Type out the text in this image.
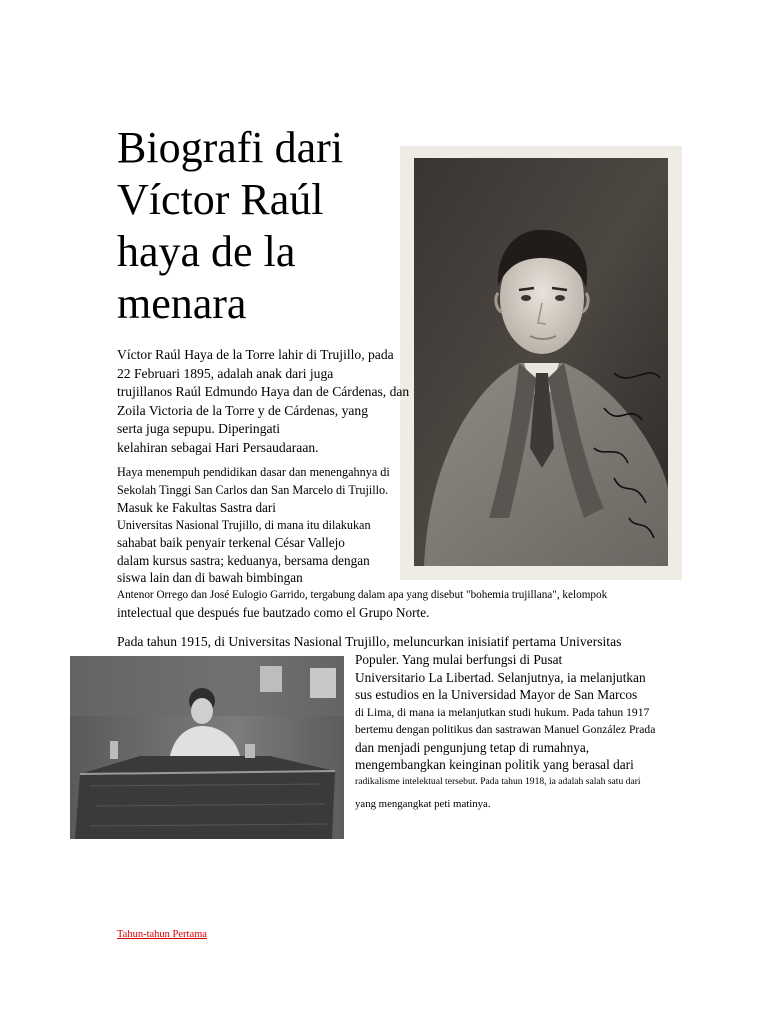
Biografi dari
Víctor Raúl
haya de la
menara
Víctor Raúl Haya de la Torre lahir di Trujillo, pada
22 Februari 1895, adalah anak dari juga
trujillanos Raúl Edmundo Haya dan de Cárdenas, dan
Zoila Victoria de la Torre y de Cárdenas, yang
serta juga sepupu. Diperingati
kelahiran sebagai Hari Persaudaraan.
Haya menempuh pendidikan dasar dan menengahnya di
Sekolah Tinggi San Carlos dan San Marcelo di Trujillo.
Masuk ke Fakultas Sastra dari
Universitas Nasional Trujillo, di mana itu dilakukan
sahabat baik penyair terkenal César Vallejo
dalam kursus sastra; keduanya, bersama dengan
siswa lain dan di bawah bimbingan
Antenor Orrego dan José Eulogio Garrido, tergabung dalam apa yang disebut "bohemia trujillana", kelompok
intelectual que después fue bautzado como el Grupo Norte.
Pada tahun 1915, di Universitas Nasional Trujillo, meluncurkan inisiatif pertama Universitas
Populer. Yang mulai berfungsi di Pusat
Universitario La Libertad. Selanjutnya, ia melanjutkan
sus estudios en la Universidad Mayor de San Marcos
di Lima, di mana ia melanjutkan studi hukum. Pada tahun 1917
bertemu dengan politikus dan sastrawan Manuel González Prada
dan menjadi pengunjung tetap di rumahnya,
mengembangkan keinginan politik yang berasal dari
radikalisme intelektual tersebut. Pada tahun 1918, ia adalah salah satu dari
yang mengangkat peti matinya.
Tahun-tahun Pertama
